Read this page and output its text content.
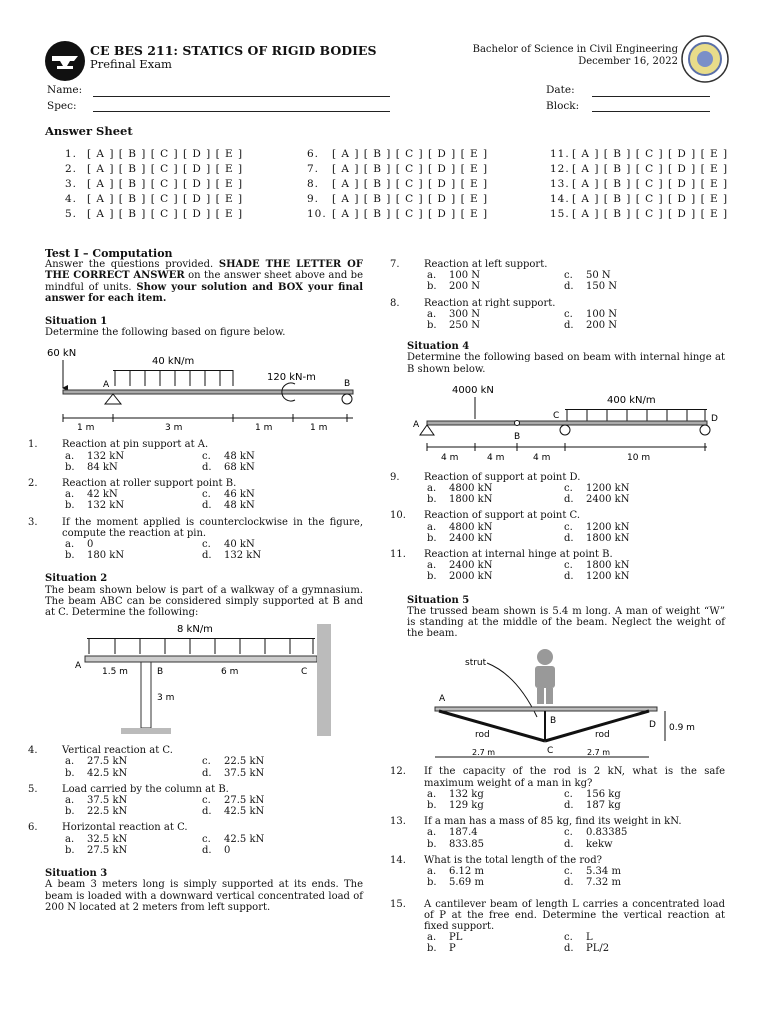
CE BES 211: STATICS OF RIGID BODIES
Prefinal Exam
Bachelor of Science in Civil Engineering
December 16, 2022
Name:
Spec:
Date:
Block:
Answer Sheet
1. [ A ] [ B ] [ C ] [ D ] [ E ]
2. [ A ] [ B ] [ C ] [ D ] [ E ]
3. [ A ] [ B ] [ C ] [ D ] [ E ]
4. [ A ] [ B ] [ C ] [ D ] [ E ]
5. [ A ] [ B ] [ C ] [ D ] [ E ]
6. [ A ] [ B ] [ C ] [ D ] [ E ]
7. [ A ] [ B ] [ C ] [ D ] [ E ]
8. [ A ] [ B ] [ C ] [ D ] [ E ]
9. [ A ] [ B ] [ C ] [ D ] [ E ]
10. [ A ] [ B ] [ C ] [ D ] [ E ]
11. [ A ] [ B ] [ C ] [ D ] [ E ]
12. [ A ] [ B ] [ C ] [ D ] [ E ]
13. [ A ] [ B ] [ C ] [ D ] [ E ]
14. [ A ] [ B ] [ C ] [ D ] [ E ]
15. [ A ] [ B ] [ C ] [ D ] [ E ]

Test I – Computation

Answer the questions provided. SHADE THE LETTER OF THE CORRECT ANSWER on the answer sheet above and be mindful of units. Show your solution and BOX your final answer for each item.

Situation 1

Determine the following based on figure below.

60 kN
40 kN/m
A
120 kN-m
B
1 m	3 m	1 m	1 m

1. Reaction at pin support at A.

a.	132 kN	c.	48 kN
b.	84 kN	d.	68 kN

2. Reaction at roller support point B.

a.	42 kN	c.	46 kN
b.	132 kN	d.	48 kN

3. If the moment applied is counterclockwise in the figure, compute the reaction at pin.

a.	0	c.	40 kN
b.	180 kN	d.	132 kN

Situation 2

The beam shown below is part of a walkway of a gymnasium. The beam ABC can be considered simply supported at B and at C. Determine the following:

8 kN/m
A
1.5 m	B	6 m	C
3 m

4. Vertical reaction at C.

a.	27.5 kN	c.	22.5 kN
b.	42.5 kN	d.	37.5 kN

5. Load carried by the column at B.

a.	37.5 kN	c.	27.5 kN
b.	22.5 kN	d.	42.5 kN

6. Horizontal reaction at C.

a.	32.5 kN	c.	42.5 kN
b.	27.5 kN	d.	0

Situation 3

A beam 3 meters long is simply supported at its ends. The beam is loaded with a downward vertical concentrated load of 200 N located at 2 meters from left support.

7. Reaction at left support.

a.	100 N	c.	50 N
b.	200 N	d.	150 N

8. Reaction at right support.

a.	300 N	c.	100 N
b.	250 N	d.	200 N

Situation 4

Determine the following based on beam with internal hinge at B shown below.

4000 kN
400 kN/m
A
B
C	D
4 m	4 m	4 m	10 m

9. Reaction of support at point D.

a.	4800 kN	c.	1200 kN
b.	1800 kN	d.	2400 kN

10. Reaction of support at point C.

a.	4800 kN	c.	1200 kN
b.	2400 kN	d.	1800 kN

11. Reaction at internal hinge at point B.

a.	2400 kN	c.	1800 kN
b.	2000 kN	d.	1200 kN

Situation 5

The trussed beam shown is 5.4 m long. A man of weight “W” is standing at the middle of the beam. Neglect the weight of the beam.

strut
A
B
C
D
rod	rod
0.9 m
2.7 m	2.7 m

12. If the capacity of the rod is 2 kN, what is the safe maximum weight of a man in kg?

a.	132 kg	c.	156 kg
b.	129 kg	d.	187 kg

13. If a man has a mass of 85 kg, find its weight in kN.

a.	187.4	c.	0.83385
b.	833.85	d.	kekw

14. What is the total length of the rod?

a.	6.12 m	c.	5.34 m
b.	5.69 m	d.	7.32 m

15. A cantilever beam of length L carries a concentrated load of P at the free end. Determine the vertical reaction at fixed support.

a.	PL	c.	L
b.	P	d.	PL/2
